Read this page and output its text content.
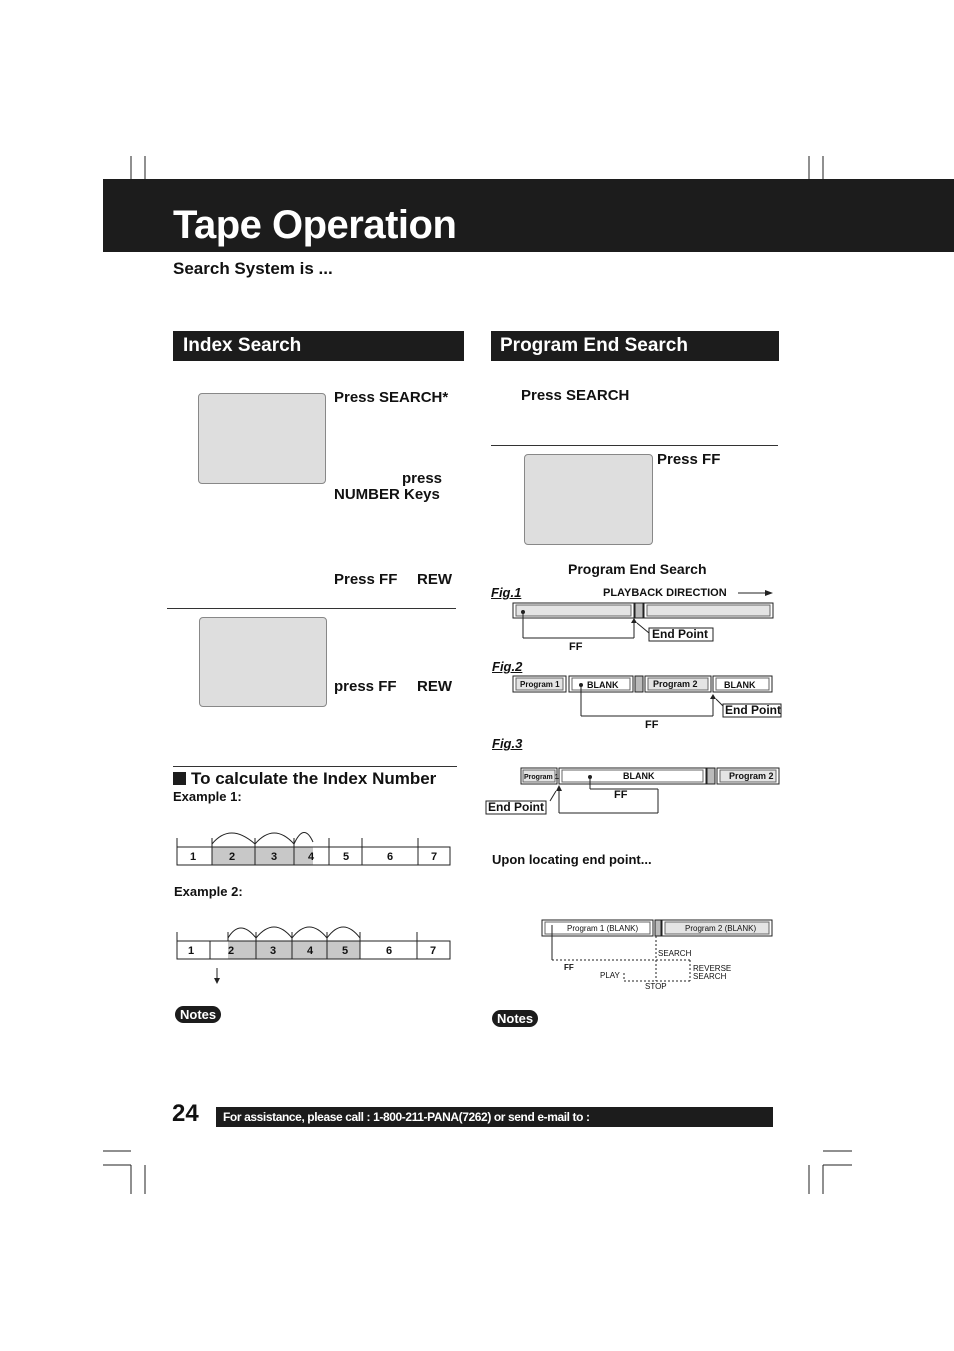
Tape Operation
Search System is ...
Index Search
Press SEARCH*
press
NUMBER Keys
Press FF REW
press FF REW
To calculate the Index Number
Example 1:
1	2	3	4	5	6	7
Example 2:
1	2	3	4	5	6	7
Notes
Program End Search
Press SEARCH
Press FF
Program End Search
Fig.1	PLAYBACK DIRECTION
End Point
FF
Fig.2
Program 1	BLANK	Program 2	BLANK
End Point
FF
Fig.3
Program 1	BLANK	Program 2
End Point
FF
Upon locating end point...
Program 1 (BLANK)	Program 2 (BLANK)
SEARCH
FF
PLAY
REVERSE
SEARCH
STOP
Notes
24	For assistance, please call : 1-800-211-PANA(7262) or send e-mail to : consumerproducts@panasonic.com
